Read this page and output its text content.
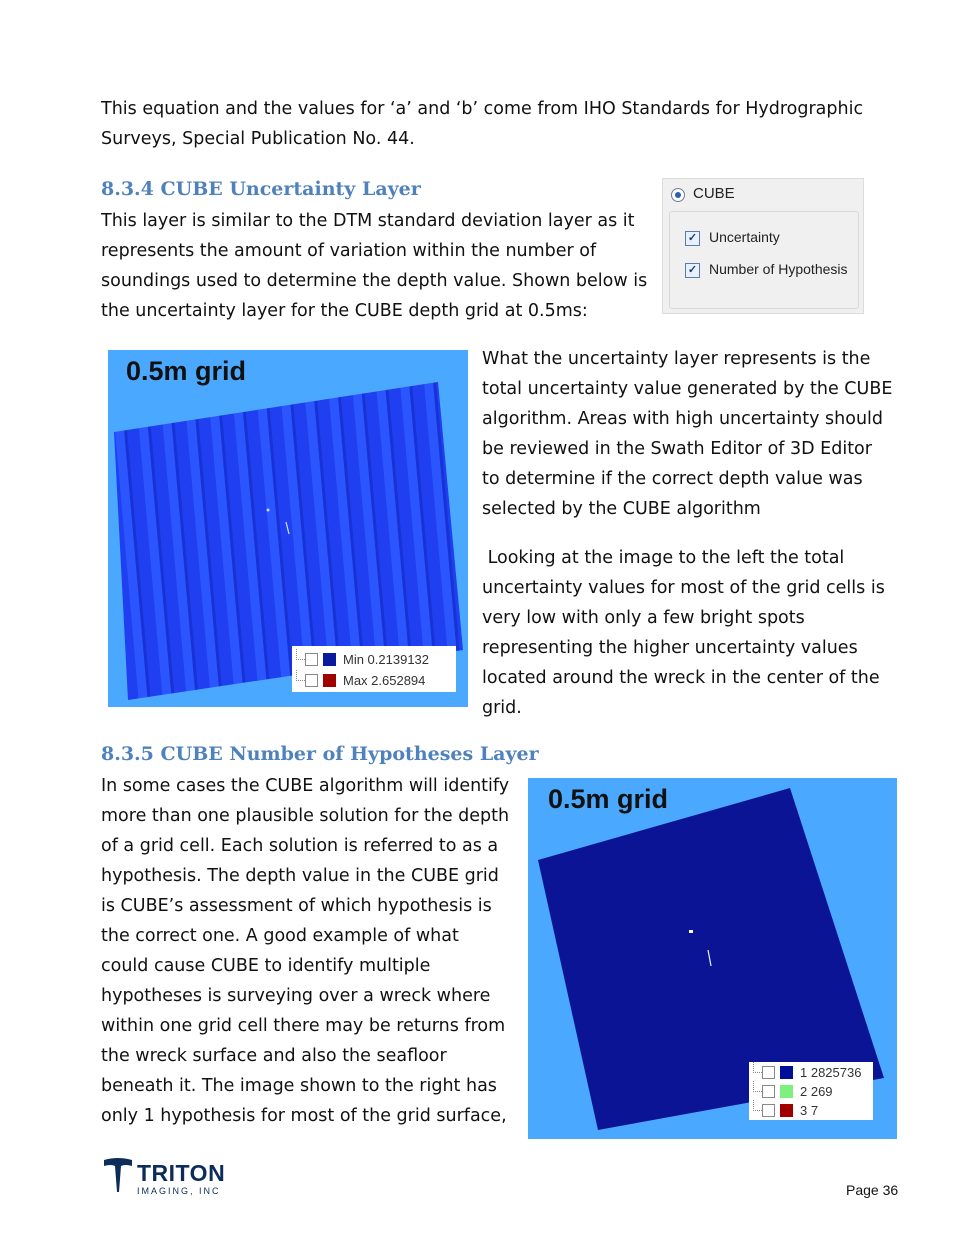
This equation and the values for ‘a’ and ‘b’ come from IHO Standards for Hydrographic

Surveys, Special Publication No. 44.

8.3.4 CUBE Uncertainty Layer
This layer is similar to the DTM standard deviation layer as it
represents the amount of variation within the number of
soundings used to determine the depth value. Shown below is
the uncertainty layer for the CUBE depth grid at 0.5ms:
CUBE
✓ Uncertainty
✓ Number of Hypothesis
0.5m grid
Min 0.2139132
Max 2.652894
What the uncertainty layer represents is the
total uncertainty value generated by the CUBE
algorithm. Areas with high uncertainty should
be reviewed in the Swath Editor of 3D Editor
to determine if the correct depth value was
selected by the CUBE algorithm
Looking at the image to the left the total
uncertainty values for most of the grid cells is
very low with only a few bright spots
representing the higher uncertainty values
located around the wreck in the center of the
grid.
8.3.5 CUBE Number of Hypotheses Layer
In some cases the CUBE algorithm will identify
more than one plausible solution for the depth
of a grid cell. Each solution is referred to as a
hypothesis. The depth value in the CUBE grid
is CUBE’s assessment of which hypothesis is
the correct one. A good example of what
could cause CUBE to identify multiple
hypotheses is surveying over a wreck where
within one grid cell there may be returns from
the wreck surface and also the seafloor
beneath it. The image shown to the right has
only 1 hypothesis for most of the grid surface,
0.5m grid
1 2825736
2 269
3 7
TRITON
IMAGING, INC	Page 36
